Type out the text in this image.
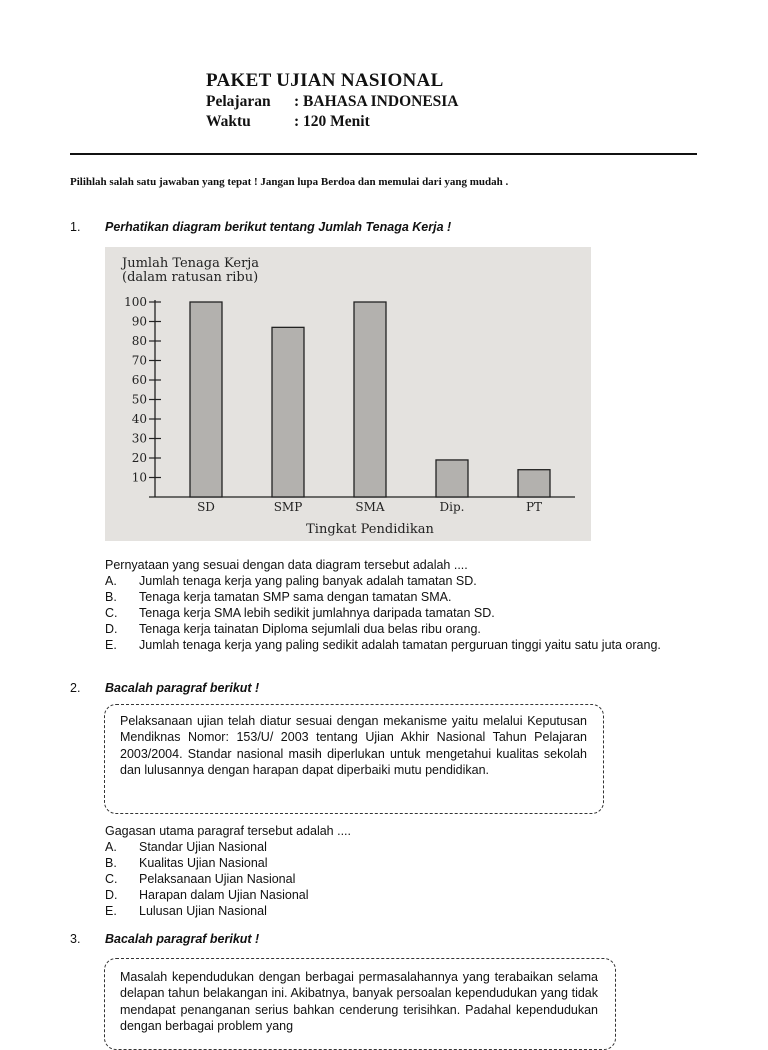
PAKET UJIAN NASIONAL
Pelajaran	: BAHASA INDONESIA
Waktu	: 120 Menit
Pilihlah salah satu jawaban yang tepat ! Jangan lupa Berdoa dan memulai dari yang mudah .
1. Perhatikan diagram berikut tentang Jumlah Tenaga Kerja !
Jumlah Tenaga Kerja
(dalam ratusan ribu)
10
20
30
40
50
60
70
80
90
100
SD	SMP	SMA	Dip.	PT
Tingkat Pendidikan
Pernyataan yang sesuai dengan data diagram tersebut adalah ....
A.	Jumlah tenaga kerja yang paling banyak adalah tamatan SD.
B.	Tenaga kerja tamatan SMP sama dengan tamatan SMA.
C.	Tenaga kerja SMA lebih sedikit jumlahnya daripada tamatan SD.
D.	Tenaga kerja tainatan Diploma sejumlali dua belas ribu orang.
E.	Jumlah tenaga kerja yang paling sedikit adalah tamatan perguruan tinggi yaitu satu juta orang.
2. Bacalah paragraf berikut !
Pelaksanaan ujian telah diatur sesuai dengan mekanisme yaitu melalui Keputusan Mendiknas Nomor: 153/U/ 2003 tentang Ujian Akhir Nasional Tahun Pelajaran 2003/2004. Standar nasional masih diperlukan untuk mengetahui kualitas sekolah dan lulusannya dengan harapan dapat diperbaiki mutu pendidikan.
Gagasan utama paragraf tersebut adalah ....
A.	Standar Ujian Nasional
B.	Kualitas Ujian Nasional
C.	Pelaksanaan Ujian Nasional
D.	Harapan dalam Ujian Nasional
E.	Lulusan Ujian Nasional
3. Bacalah paragraf berikut !
Masalah kependudukan dengan berbagai permasalahannya yang terabaikan selama delapan tahun belakangan ini. Akibatnya, banyak persoalan kependudukan yang tidak mendapat penanganan serius bahkan cenderung terisihkan. Padahal kependudukan dengan berbagai problem yang
